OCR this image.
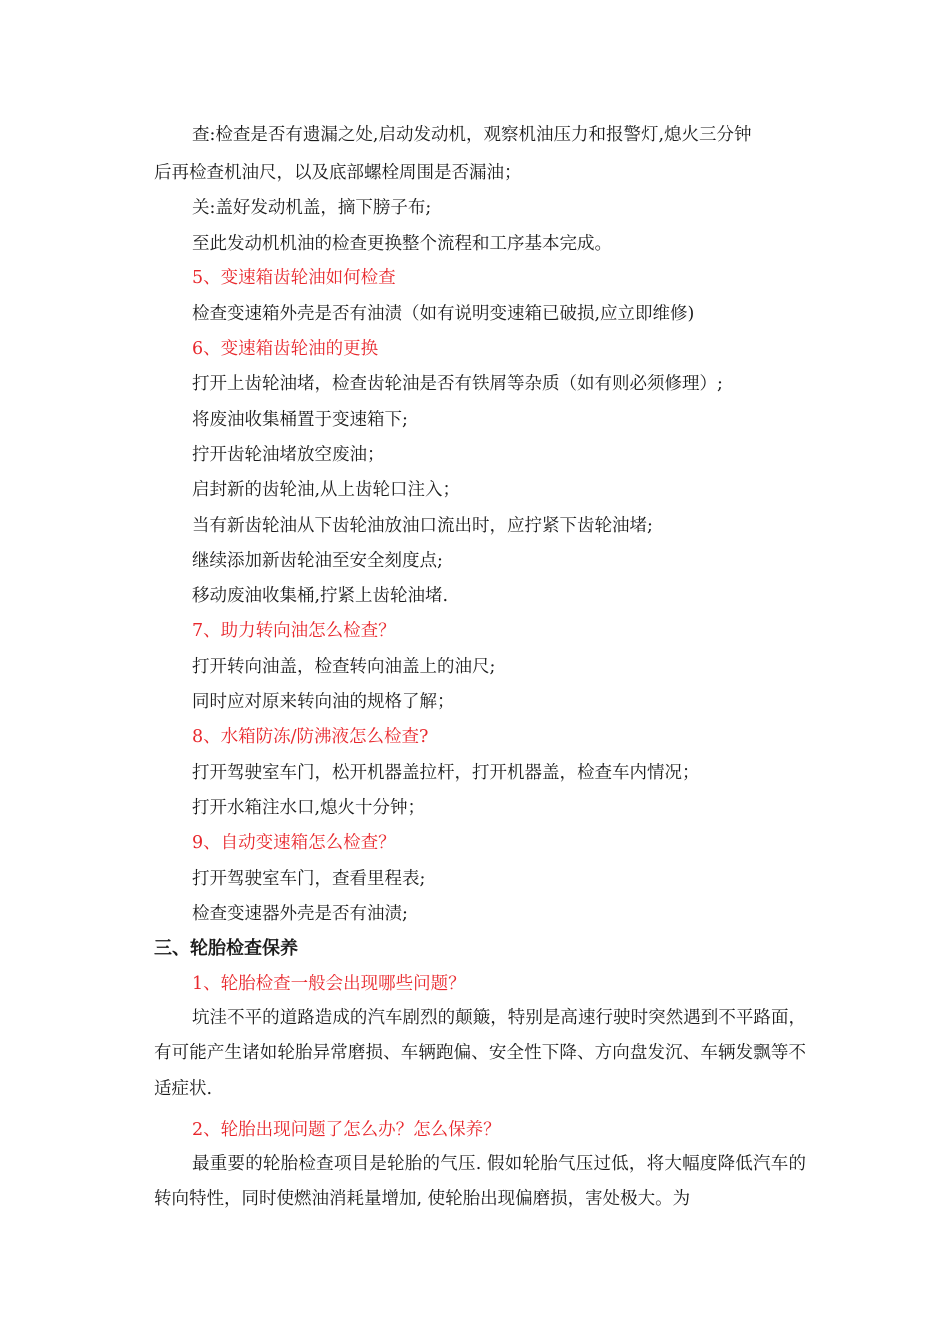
查:检查是否有遗漏之处,启动发动机，观察机油压力和报警灯,熄火三分钟
后再检查机油尺，以及底部螺栓周围是否漏油；
关:盖好发动机盖，摘下膀子布;
至此发动机机油的检查更换整个流程和工序基本完成。
5、变速箱齿轮油如何检查
检查变速箱外壳是否有油渍（如有说明变速箱已破损,应立即维修)
6、变速箱齿轮油的更换
打开上齿轮油堵，检查齿轮油是否有铁屑等杂质（如有则必须修理）;
将废油收集桶置于变速箱下;
拧开齿轮油堵放空废油；
启封新的齿轮油,从上齿轮口注入；
当有新齿轮油从下齿轮油放油口流出时，应拧紧下齿轮油堵;
继续添加新齿轮油至安全刻度点;
移动废油收集桶,拧紧上齿轮油堵.
7、助力转向油怎么检查？
打开转向油盖，检查转向油盖上的油尺;
同时应对原来转向油的规格了解；
8、水箱防冻/防沸液怎么检查?
打开驾驶室车门，松开机器盖拉杆，打开机器盖，检查车内情况；
打开水箱注水口,熄火十分钟；
9、自动变速箱怎么检查？
打开驾驶室车门，查看里程表;
检查变速器外壳是否有油渍;
三、轮胎检查保养
1、轮胎检查一般会出现哪些问题？
坑洼不平的道路造成的汽车剧烈的颠簸，特别是高速行驶时突然遇到不平路面，有可能产生诸如轮胎异常磨损、车辆跑偏、安全性下降、方向盘发沉、车辆发飘等不适症状.
2、轮胎出现问题了怎么办？怎么保养？
最重要的轮胎检查项目是轮胎的气压. 假如轮胎气压过低，将大幅度降低汽车的转向特性，同时使燃油消耗量增加, 使轮胎出现偏磨损，害处极大。为
